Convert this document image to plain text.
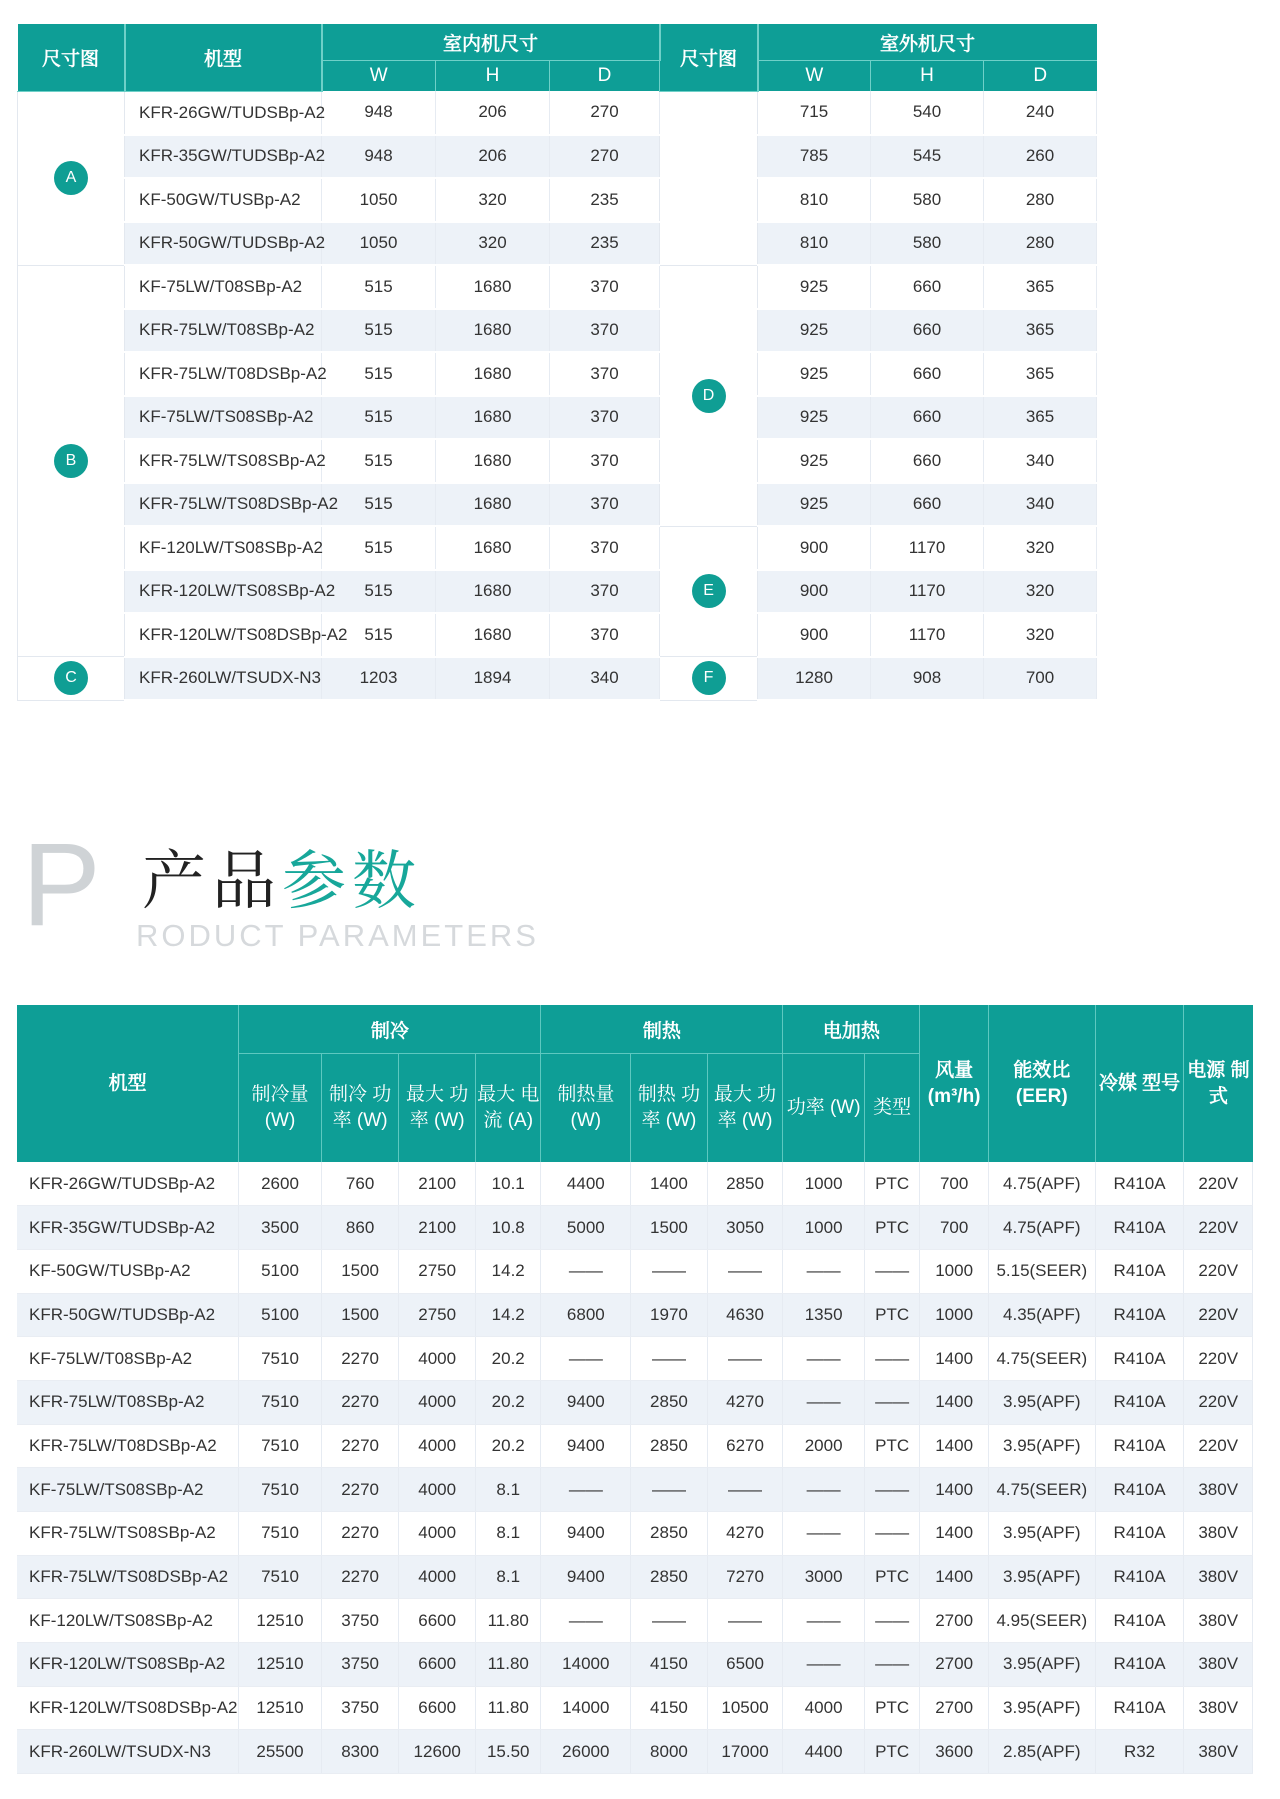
尺寸图	机型	室内机尺寸			尺寸图	室外机尺寸		
		W	H	D		W	H	D
A	KFR-26GW/TUDSBp-A2	948	206	270		715	540	240
	KFR-35GW/TUDSBp-A2	948	206	270		785	545	260
	KF-50GW/TUSBp-A2	1050	320	235		810	580	280
	KFR-50GW/TUDSBp-A2	1050	320	235		810	580	280
B	KF-75LW/T08SBp-A2	515	1680	370	D	925	660	365
	KFR-75LW/T08SBp-A2	515	1680	370		925	660	365
	KFR-75LW/T08DSBp-A2	515	1680	370		925	660	365
	KF-75LW/TS08SBp-A2	515	1680	370		925	660	365
	KFR-75LW/TS08SBp-A2	515	1680	370		925	660	340
	KFR-75LW/TS08DSBp-A2	515	1680	370		925	660	340
	KF-120LW/TS08SBp-A2	515	1680	370	E	900	1170	320
	KFR-120LW/TS08SBp-A2	515	1680	370		900	1170	320
	KFR-120LW/TS08DSBp-A2	515	1680	370		900	1170	320
C	KFR-260LW/TSUDX-N3	1203	1894	340	F	1280	908	700
P 产品参数
RODUCT PARAMETERS
机型	制冷				制热			电加热		风量 (m³/h)	能效比 (EER)	冷媒 型号	电源 制式
	制冷量 (W)	制冷 功率 (W)	最大 功率 (W)	最大 电流 (A)	制热量 (W)	制热 功率 (W)	最大 功率 (W)	功率 (W)	类型				
KFR-26GW/TUDSBp-A2	2600	760	2100	10.1	4400	1400	2850	1000	PTC	700	4.75(APF)	R410A	220V
KFR-35GW/TUDSBp-A2	3500	860	2100	10.8	5000	1500	3050	1000	PTC	700	4.75(APF)	R410A	220V
KF-50GW/TUSBp-A2	5100	1500	2750	14.2	——	——	——	——	——	1000	5.15(SEER)	R410A	220V
KFR-50GW/TUDSBp-A2	5100	1500	2750	14.2	6800	1970	4630	1350	PTC	1000	4.35(APF)	R410A	220V
KF-75LW/T08SBp-A2	7510	2270	4000	20.2	——	——	——	——	——	1400	4.75(SEER)	R410A	220V
KFR-75LW/T08SBp-A2	7510	2270	4000	20.2	9400	2850	4270	——	——	1400	3.95(APF)	R410A	220V
KFR-75LW/T08DSBp-A2	7510	2270	4000	20.2	9400	2850	6270	2000	PTC	1400	3.95(APF)	R410A	220V
KF-75LW/TS08SBp-A2	7510	2270	4000	8.1	——	——	——	——	——	1400	4.75(SEER)	R410A	380V
KFR-75LW/TS08SBp-A2	7510	2270	4000	8.1	9400	2850	4270	——	——	1400	3.95(APF)	R410A	380V
KFR-75LW/TS08DSBp-A2	7510	2270	4000	8.1	9400	2850	7270	3000	PTC	1400	3.95(APF)	R410A	380V
KF-120LW/TS08SBp-A2	12510	3750	6600	11.80	——	——	——	——	——	2700	4.95(SEER)	R410A	380V
KFR-120LW/TS08SBp-A2	12510	3750	6600	11.80	14000	4150	6500	——	——	2700	3.95(APF)	R410A	380V
KFR-120LW/TS08DSBp-A2	12510	3750	6600	11.80	14000	4150	10500	4000	PTC	2700	3.95(APF)	R410A	380V
KFR-260LW/TSUDX-N3	25500	8300	12600	15.50	26000	8000	17000	4400	PTC	3600	2.85(APF)	R32	380V
